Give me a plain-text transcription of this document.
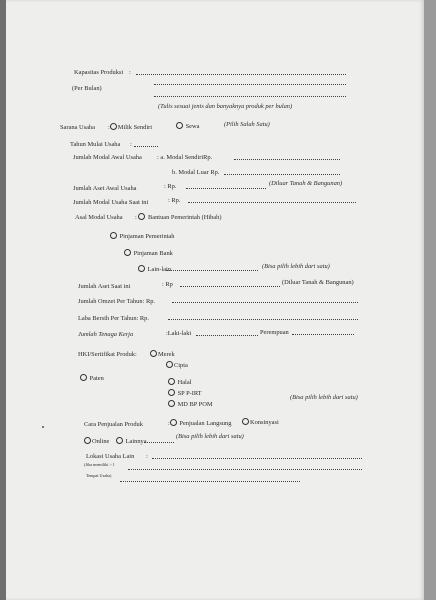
Kapasitas Produksi :
(Per Bulan)
(Tulis sesuai jenis dan banyaknya produk per bulan)
Sarana Usaha : Milik Sendiri	Sewa	(Pilih Salah Satu)
Tahun Mulai Usaha :
Jumlah Modal Awal Usaha : a. Modal SendiriRp.
b. Modal Luar Rp.
Jumlah Aset Awal Usaha	: Rp.	(Diluar Tanah & Bangunan)
Jumlah Modal Usaha Saat ini	: Rp.
Asal Modal Usaha : Bantuan Pemerintah (Hibah)
Pinjaman Pemerintah
Pinjaman Bank
Lain-lain	(Bisa pilih lebih dari satu)
Jumlah Aset Saat ini	: Rp	(Diluar Tanah & Bangunan)
Jumlah Omzet Per Tahun: Rp.
Laba Bersih Per Tahun: Rp.
Jumlah Tenaga Kerja	:Laki-laki	Perempuan
HKI/Sertifikat Produk:	Merek
Cipta
Paten
Halal
SP P-IRT
MD BP POM
(Bisa pilih lebih dari satu)
Cara Penjualan Produk	: Penjualan Langsung	Konsinyasi
Online	Lainnya
(Bisa pilih lebih dari satu)
Lokasi Usaha Lain :
(Jika memiliki > 1
Tempat Usaha)
